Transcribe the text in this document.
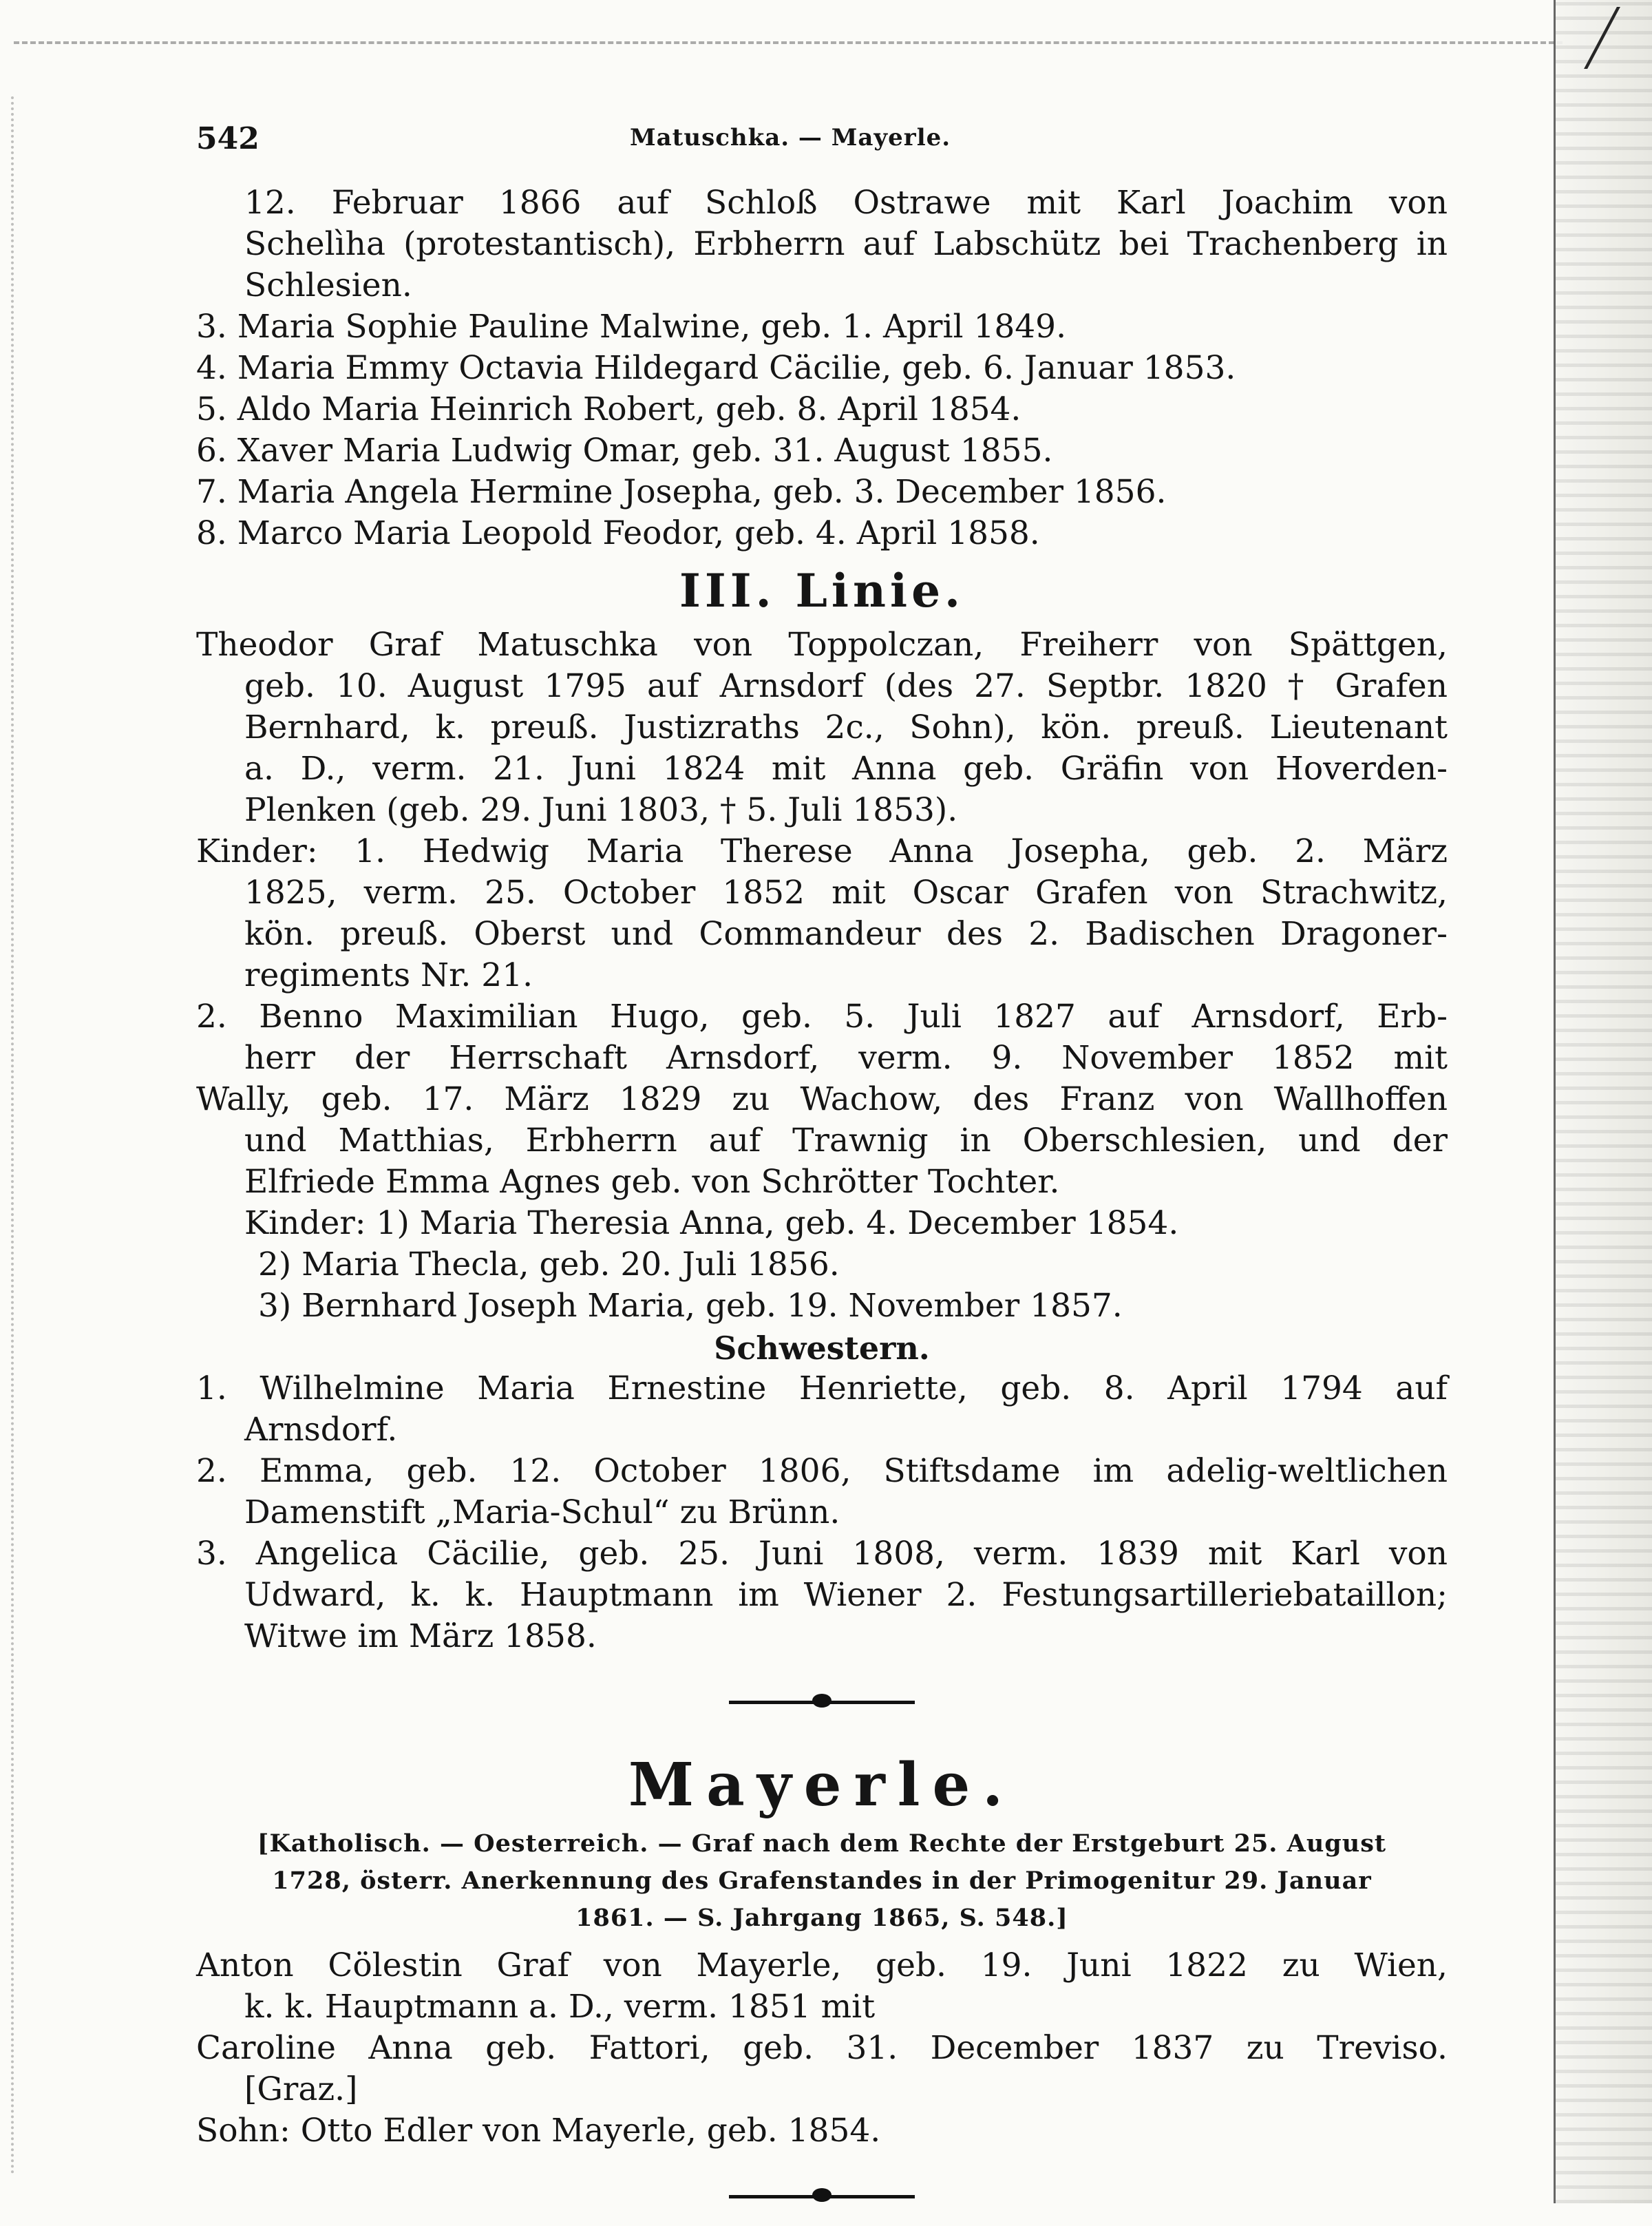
542	Matuschka. — Mayerle.
12. Februar 1866 auf Schloß Ostrawe mit Karl Joachim von
Schelìha (protestantisch), Erbherrn auf Labschütz bei Trachenberg in
Schlesien.
3. Maria Sophie Pauline Malwine, geb. 1. April 1849.
4. Maria Emmy Octavia Hildegard Cäcilie, geb. 6. Januar 1853.
5. Aldo Maria Heinrich Robert, geb. 8. April 1854.
6. Xaver Maria Ludwig Omar, geb. 31. August 1855.
7. Maria Angela Hermine Josepha, geb. 3. December 1856.
8. Marco Maria Leopold Feodor, geb. 4. April 1858.
III. Linie.
Theodor Graf Matuschka von Toppolczan, Freiherr von Spättgen,
geb. 10. August 1795 auf Arnsdorf (des 27. Septbr. 1820 † Grafen
Bernhard, k. preuß. Justizraths 2c., Sohn), kön. preuß. Lieutenant
a. D., verm. 21. Juni 1824 mit Anna geb. Gräfin von Hoverden-
Plenken (geb. 29. Juni 1803, † 5. Juli 1853).
Kinder: 1. Hedwig Maria Therese Anna Josepha, geb. 2. März
1825, verm. 25. October 1852 mit Oscar Grafen von Strachwitz,
kön. preuß. Oberst und Commandeur des 2. Badischen Dragoner-
regiments Nr. 21.
2. Benno Maximilian Hugo, geb. 5. Juli 1827 auf Arnsdorf, Erb-
herr der Herrschaft Arnsdorf, verm. 9. November 1852 mit
Wally, geb. 17. März 1829 zu Wachow, des Franz von Wallhoffen
und Matthias, Erbherrn auf Trawnig in Oberschlesien, und der
Elfriede Emma Agnes geb. von Schrötter Tochter.
Kinder: 1) Maria Theresia Anna, geb. 4. December 1854.
2) Maria Thecla, geb. 20. Juli 1856.
3) Bernhard Joseph Maria, geb. 19. November 1857.
Schwestern.
1. Wilhelmine Maria Ernestine Henriette, geb. 8. April 1794 auf
Arnsdorf.
2. Emma, geb. 12. October 1806, Stiftsdame im adelig-weltlichen
Damenstift „Maria-Schul“ zu Brünn.
3. Angelica Cäcilie, geb. 25. Juni 1808, verm. 1839 mit Karl von
Udward, k. k. Hauptmann im Wiener 2. Festungsartilleriebataillon;
Witwe im März 1858.
Mayerle.
[Katholisch. — Oesterreich. — Graf nach dem Rechte der Erstgeburt 25. August
1728, österr. Anerkennung des Grafenstandes in der Primogenitur 29. Januar
1861. — S. Jahrgang 1865, S. 548.]
Anton Cölestin Graf von Mayerle, geb. 19. Juni 1822 zu Wien,
k. k. Hauptmann a. D., verm. 1851 mit
Caroline Anna geb. Fattori, geb. 31. December 1837 zu Treviso.
[Graz.]
Sohn: Otto Edler von Mayerle, geb. 1854.
